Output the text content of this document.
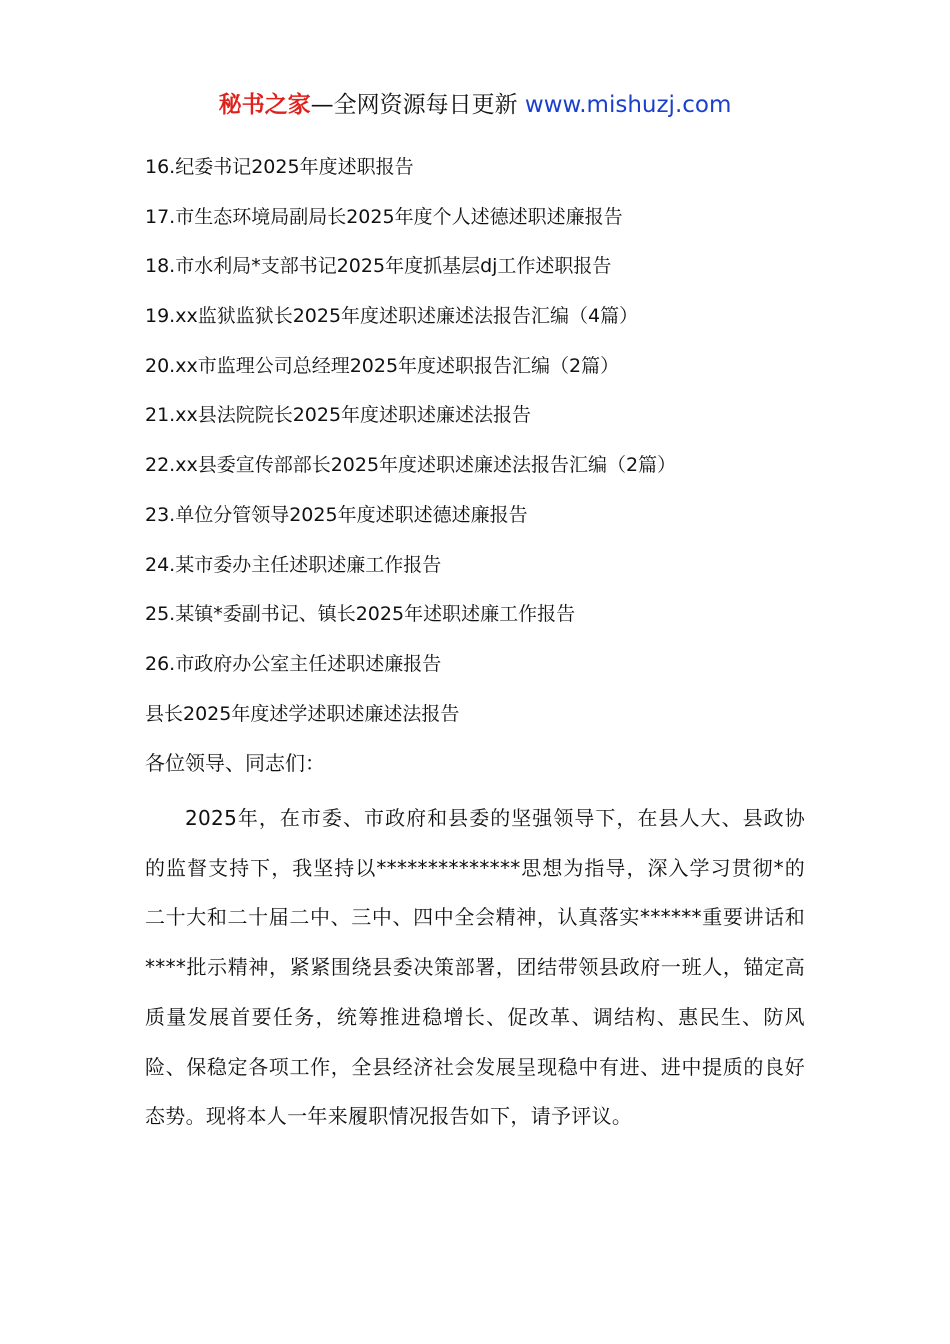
秘书之家—全网资源每日更新 www.mishuzj.com
16.纪委书记2025年度述职报告
17.市生态环境局副局长2025年度个人述德述职述廉报告
18.市水利局*支部书记2025年度抓基层dj工作述职报告
19.xx监狱监狱长2025年度述职述廉述法报告汇编（4篇）
20.xx市监理公司总经理2025年度述职报告汇编（2篇）
21.xx县法院院长2025年度述职述廉述法报告
22.xx县委宣传部部长2025年度述职述廉述法报告汇编（2篇）
23.单位分管领导2025年度述职述德述廉报告
24.某市委办主任述职述廉工作报告
25.某镇*委副书记、镇长2025年述职述廉工作报告
26.市政府办公室主任述职述廉报告
县长2025年度述学述职述廉述法报告
各位领导、同志们：

2025年，在市委、市政府和县委的坚强领导下，在县人大、县政协的监督支持下，我坚持以**************思想为指导，深入学习贯彻*的二十大和二十届二中、三中、四中全会精神，认真落实******重要讲话和****批示精神，紧紧围绕县委决策部署，团结带领县政府一班人，锚定高质量发展首要任务，统筹推进稳增长、促改革、调结构、惠民生、防风险、保稳定各项工作，全县经济社会发展呈现稳中有进、进中提质的良好态势。现将本人一年来履职情况报告如下，请予评议。
